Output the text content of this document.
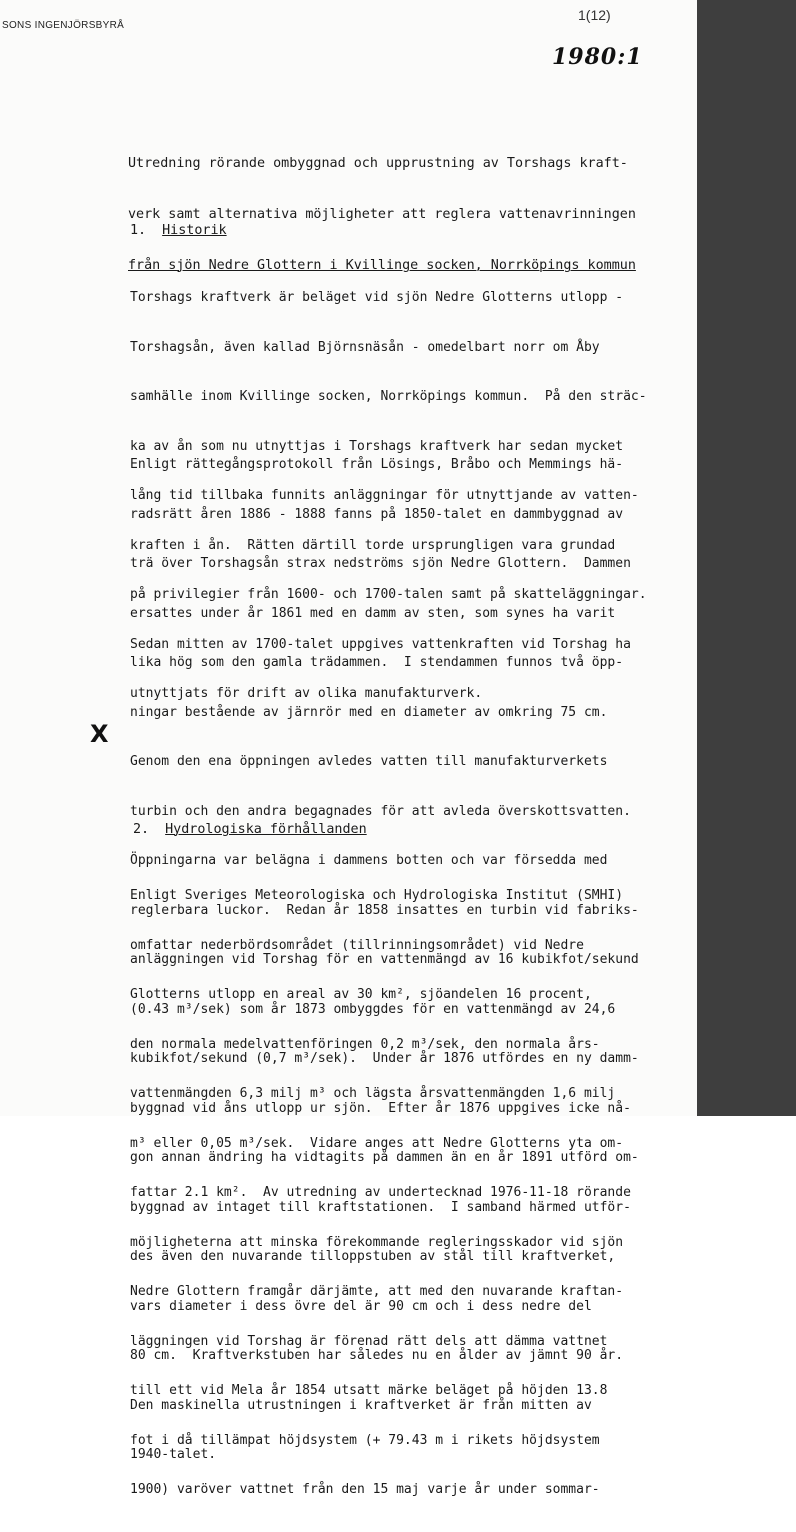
SONS INGENJÖRSBYRÅ
1(12)
1980:1

Utredning rörande ombyggnad och upprustning av Torshags kraft-

verk samt alternativa möjligheter att reglera vattenavrinningen

från sjön Nedre Glottern i Kvillinge socken, Norrköpings kommun

1. Historik

Torshags kraftverk är beläget vid sjön Nedre Glotterns utlopp -

Torshagsån, även kallad Björnsnäsån - omedelbart norr om Åby

samhälle inom Kvillinge socken, Norrköpings kommun.  På den sträc-

ka av ån som nu utnyttjas i Torshags kraftverk har sedan mycket

lång tid tillbaka funnits anläggningar för utnyttjande av vatten-

kraften i ån.  Rätten därtill torde ursprungligen vara grundad

på privilegier från 1600- och 1700-talen samt på skatteläggningar.

Sedan mitten av 1700-talet uppgives vattenkraften vid Torshag ha

utnyttjats för drift av olika manufakturverk.

Enligt rättegångsprotokoll från Lösings, Bråbo och Memmings hä-

radsrätt åren 1886 - 1888 fanns på 1850-talet en dammbyggnad av

trä över Torshagsån strax nedströms sjön Nedre Glottern.  Dammen

ersattes under år 1861 med en damm av sten, som synes ha varit

lika hög som den gamla trädammen.  I stendammen funnos två öpp-

ningar bestående av järnrör med en diameter av omkring 75 cm.

Genom den ena öppningen avledes vatten till manufakturverkets

turbin och den andra begagnades för att avleda överskottsvatten.

Öppningarna var belägna i dammens botten och var försedda med

reglerbara luckor.  Redan år 1858 insattes en turbin vid fabriks-

anläggningen vid Torshag för en vattenmängd av 16 kubikfot/sekund

(0.43 m³/sek) som år 1873 ombyggdes för en vattenmängd av 24,6

kubikfot/sekund (0,7 m³/sek).  Under år 1876 utfördes en ny damm-

byggnad vid åns utlopp ur sjön.  Efter år 1876 uppgives icke nå-

gon annan ändring ha vidtagits på dammen än en år 1891 utförd om-

byggnad av intaget till kraftstationen.  I samband härmed utför-

des även den nuvarande tilloppstuben av stål till kraftverket,

vars diameter i dess övre del är 90 cm och i dess nedre del

80 cm.  Kraftverkstuben har således nu en ålder av jämnt 90 år.

Den maskinella utrustningen i kraftverket är från mitten av

1940-talet.

X
2. Hydrologiska förhållanden

Enligt Sveriges Meteorologiska och Hydrologiska Institut (SMHI)

omfattar nederbördsområdet (tillrinningsområdet) vid Nedre

Glotterns utlopp en areal av 30 km², sjöandelen 16 procent,

den normala medelvattenföringen 0,2 m³/sek, den normala års-

vattenmängden 6,3 milj m³ och lägsta årsvattenmängden 1,6 milj

m³ eller 0,05 m³/sek.  Vidare anges att Nedre Glotterns yta om-

fattar 2.1 km².  Av utredning av undertecknad 1976-11-18 rörande

möjligheterna att minska förekommande regleringsskador vid sjön

Nedre Glottern framgår därjämte, att med den nuvarande kraftan-

läggningen vid Torshag är förenad rätt dels att dämma vattnet

till ett vid Mela år 1854 utsatt märke beläget på höjden 13.8

fot i då tillämpat höjdsystem (+ 79.43 m i rikets höjdsystem

1900) varöver vattnet från den 15 maj varje år under sommar-
